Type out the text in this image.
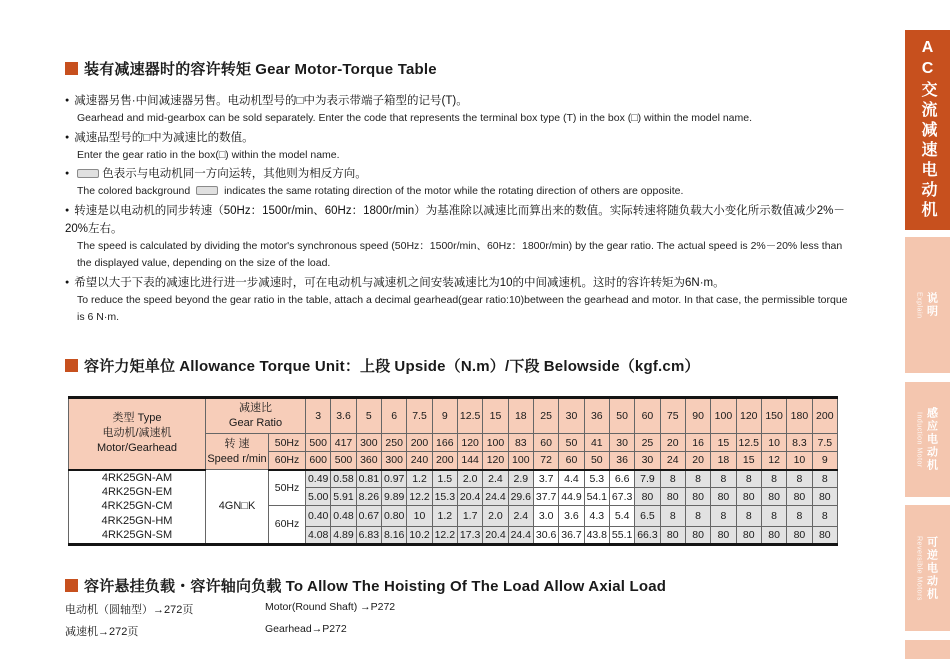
装有减速器时的容许转矩 Gear Motor-Torque Table
● 减速器另售·中间减速器另售。电动机型号的□中为表示带端子箱型的记号(T)。
Gearhead and mid-gearbox can be sold separately. Enter the code that represents the terminal box type (T) in the box (□) within the model name.
● 减速品型号的□中为减速比的数值。
Enter the gear ratio in the box(□) within the model name.
● 色表示与电动机同一方向运转，其他则为相反方向。
The colored background	indicates the same rotating direction of the motor while the rotating direction of others are opposite.
● 转速是以电动机的同步转速（50Hz：1500r/min、60Hz：1800r/min）为基准除以减速比而算出来的数值。实际转速将随负载大小变化所示数值减少2%－20%左右。
The speed is calculated by dividing the motor's synchronous speed (50Hz：1500r/min、60Hz：1800r/min) by the gear ratio. The actual speed is 2%－20% less than the displayed value, depending on the size of the load.
● 希望以大于下表的减速比进行进一步减速时，可在电动机与减速机之间安装减速比为10的中间减速机。这时的容许转矩为6N·m。
To reduce the speed beyond the gear ratio in the table, attach a decimal gearhead(gear ratio:10)between the gearhead and motor. In that case, the permissible torque is 6 N·m.
容许力矩单位 Allowance Torque Unit：上段 Upside（N.m）/下段 Belowside（kgf.cm）
类型 Type
电动机/减速机
Motor/Gearhead

减速比
Gear Ratio
	3	3.6	5	6	7.5	9	12.5	15	18	25	30	36	50	60	75	90	100	120	150	180	200

	转 速
Speed r/min	50Hz	500	417	300	250	200	166	120	100	83	60	50	41	30	25	20	16	15	12.5	10	8.3	7.5
		60Hz	600	500	360	300	240	200	144	120	100	72	60	50	36	30	24	20	18	15	12	10	9

4RK25GN-AM
4RK25GN-EM
4RK25GN-CM
4RK25GN-HM
4RK25GN-SM	4GN□K	50Hz	0.49	0.58	0.81	0.97	1.2	1.5	2.0	2.4	2.9	3.7	4.4	5.3	6.6	7.9	8	8	8	8	8	8	8
			5.00	5.91	8.26	9.89	12.2	15.3	20.4	24.4	29.6	37.7	44.9	54.1	67.3	80	80	80	80	80	80	80	80
		60Hz	0.40	0.48	0.67	0.80	10	1.2	1.7	2.0	2.4	3.0	3.6	4.3	5.4	6.5	8	8	8	8	8	8	8
			4.08	4.89	6.83	8.16	10.2	12.2	17.3	20.4	24.4	30.6	36.7	43.8	55.1	66.3	80	80	80	80	80	80	80
容许悬挂负载・容许轴向负载 To Allow The Hoisting Of The Load Allow Axial Load
电动机（圆轴型）→272页	Motor(Round Shaft) →P272
减速机→272页	Gearhead→P272
AC交流减速电动机
Explain 说明
Induction Motor 感应电动机
Reversible Motors 可逆电动机
